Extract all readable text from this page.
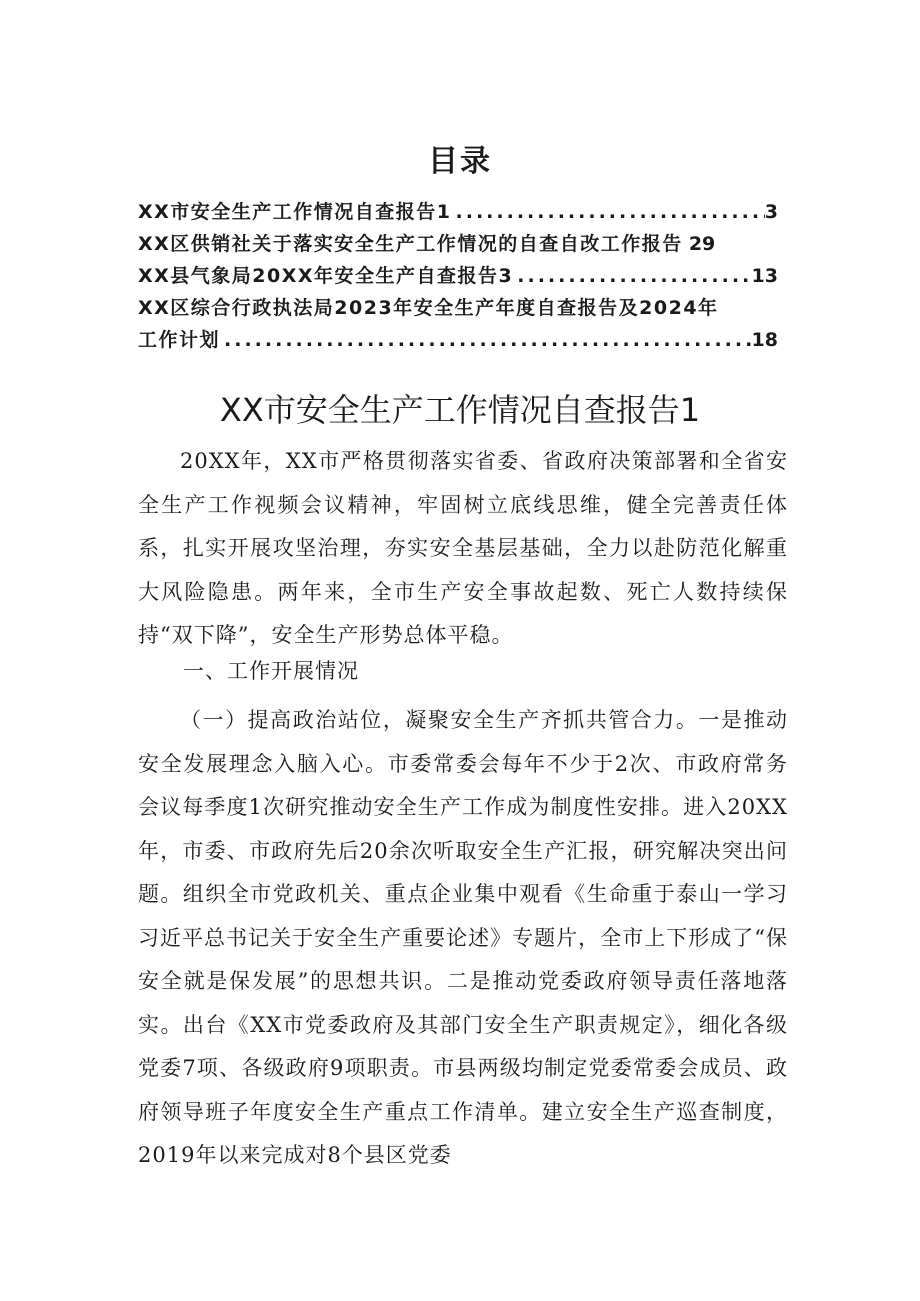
目录
XX市安全生产工作情况自查报告1 .....	3
XX区供销社关于落实安全生产工作情况的自查自改工作报告 29
XX县气象局20XX年安全生产自查报告3 .....	13
XX区综合行政执法局2023年安全生产年度自查报告及2024年
工作计划 .....	18
XX市安全生产工作情况自查报告1

20XX年，XX市严格贯彻落实省委、省政府决策部署和全省安全生产工作视频会议精神，牢固树立底线思维，健全完善责任体系，扎实开展攻坚治理，夯实安全基层基础，全力以赴防范化解重大风险隐患。两年来，全市生产安全事故起数、死亡人数持续保持“双下降”，安全生产形势总体平稳。

一、工作开展情况

（一）提高政治站位，凝聚安全生产齐抓共管合力。一是推动安全发展理念入脑入心。市委常委会每年不少于2次、市政府常务会议每季度1次研究推动安全生产工作成为制度性安排。进入20XX年，市委、市政府先后20余次听取安全生产汇报，研究解决突出问题。组织全市党政机关、重点企业集中观看《生命重于泰山一学习习近平总书记关于安全生产重要论述》专题片，全市上下形成了“保安全就是保发展”的思想共识。二是推动党委政府领导责任落地落实。出台《XX市党委政府及其部门安全生产职责规定》，细化各级党委7项、各级政府9项职责。市县两级均制定党委常委会成员、政府领导班子年度安全生产重点工作清单。建立安全生产巡查制度，2019年以来完成对8个县区党委
